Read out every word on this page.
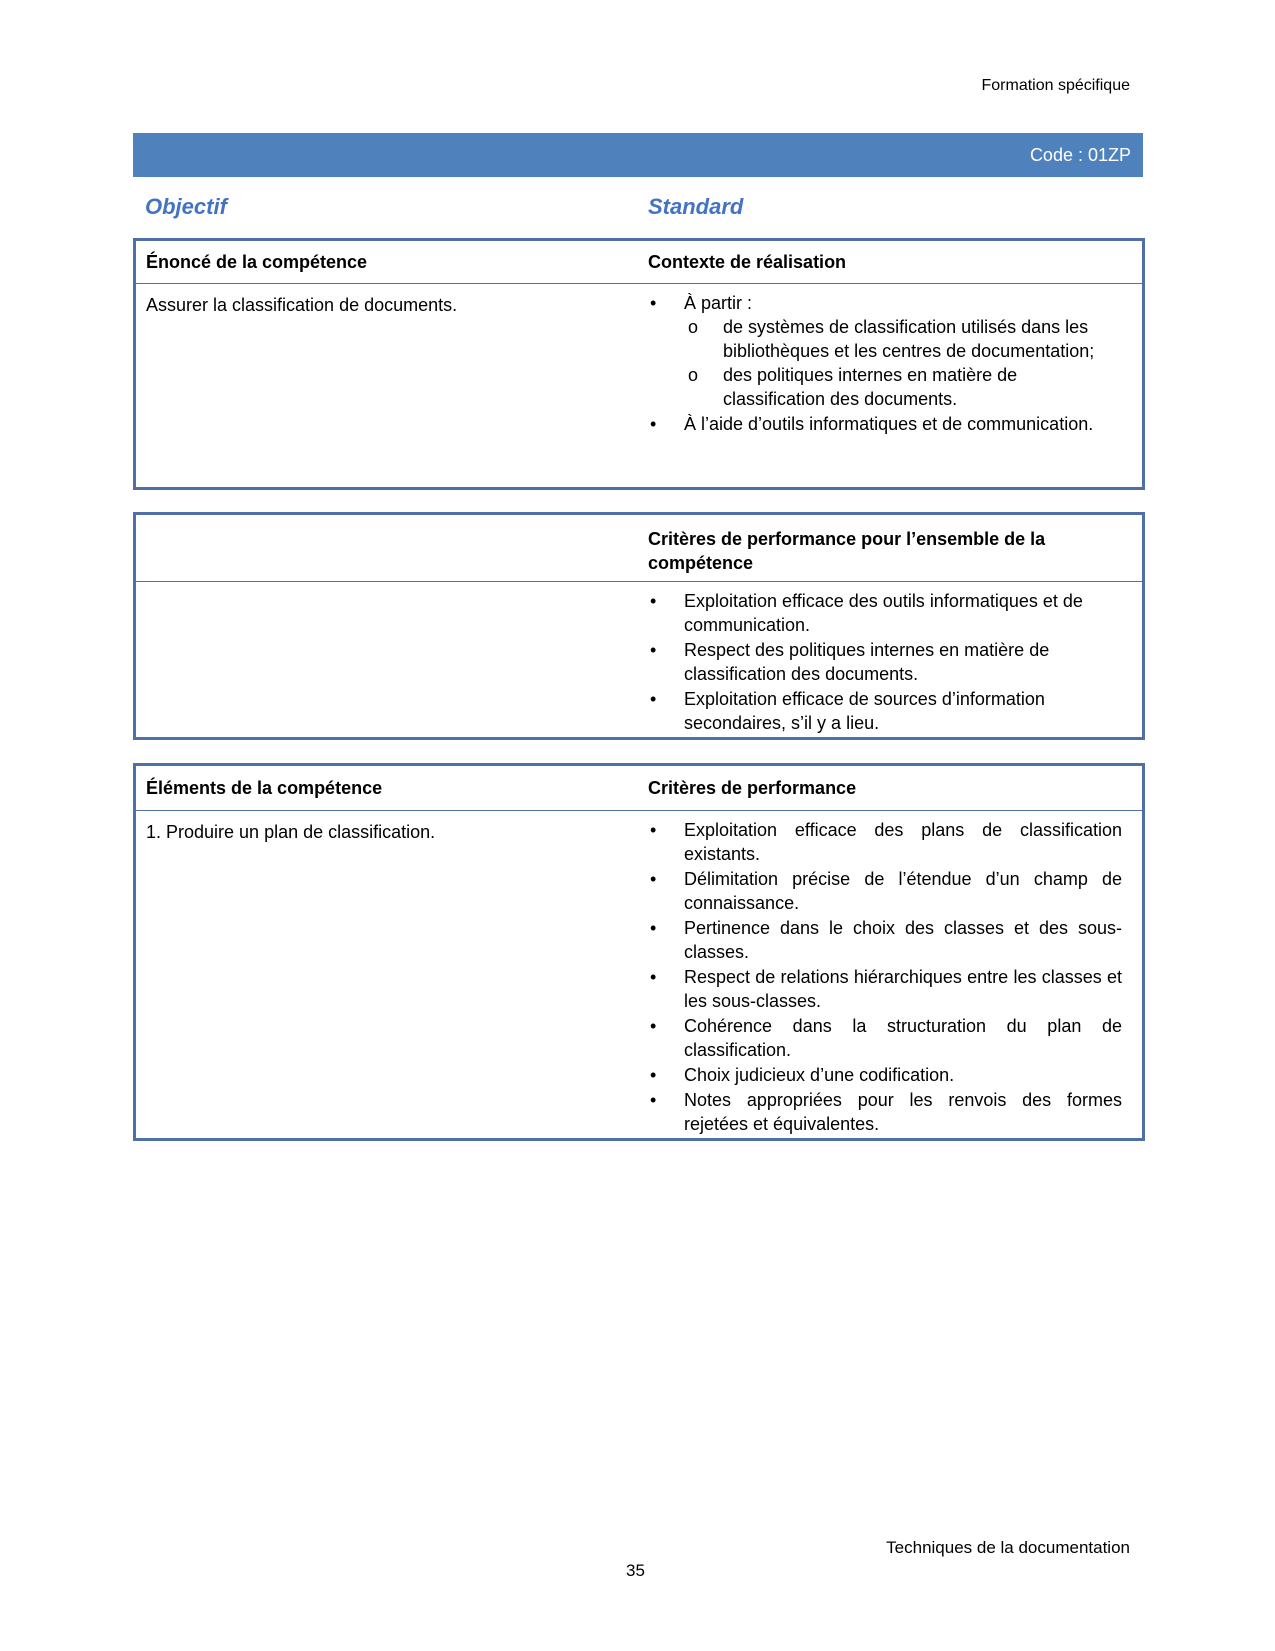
Formation spécifique
Code : 01ZP
Objectif	Standard
Énoncé de la compétence	Contexte de réalisation
Assurer la classification de documents.	• À partir :
o de systèmes de classification utilisés dans les bibliothèques et les centres de documentation;
o des politiques internes en matière de classification des documents.
• À l’aide d’outils informatiques et de communication.
Critères de performance pour l’ensemble de la compétence
• Exploitation efficace des outils informatiques et de communication.
• Respect des politiques internes en matière de classification des documents.
• Exploitation efficace de sources d’information secondaires, s’il y a lieu.
Éléments de la compétence	Critères de performance
1. Produire un plan de classification.	• Exploitation efficace des plans de classification existants.
• Délimitation précise de l’étendue d’un champ de connaissance.
• Pertinence dans le choix des classes et des sous-classes.
• Respect de relations hiérarchiques entre les classes et les sous-classes.
• Cohérence dans la structuration du plan de classification.
• Choix judicieux d’une codification.
• Notes appropriées pour les renvois des formes rejetées et équivalentes.
Techniques de la documentation
35
